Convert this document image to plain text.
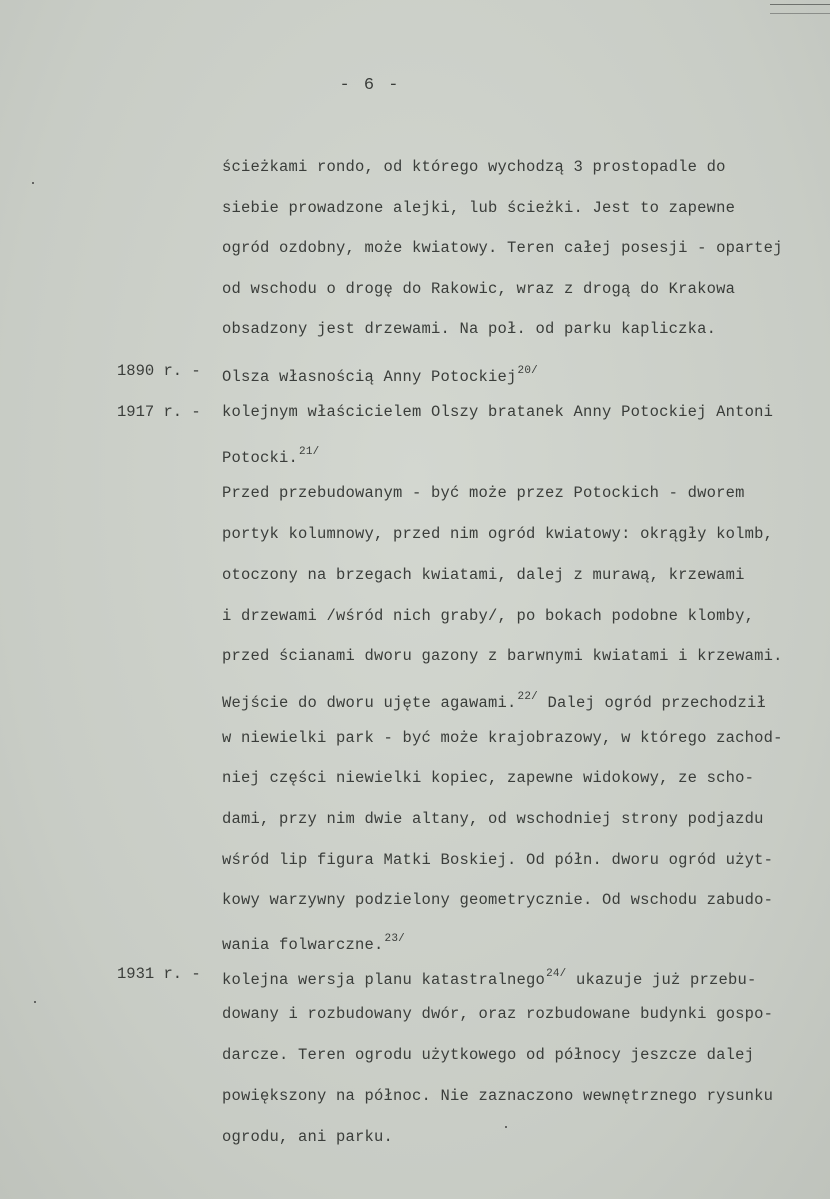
- 6 -
ścieżkami rondo, od którego wychodzą 3 prostopadle do
siebie prowadzone alejki, lub ścieżki. Jest to zapewne
ogród ozdobny, może kwiatowy. Teren całej posesji - opartej
od wschodu o drogę do Rakowic, wraz z drogą do Krakowa
obsadzony jest drzewami. Na poł. od parku kapliczka.
1890 r. - Olsza własnością Anny Potockiej$^{20/}$
1917 r. - kolejnym właścicielem Olszy bratanek Anny Potockiej Antoni
Potocki.$^{21/}$
Przed przebudowanym - być może przez Potockich - dworem
portyk kolumnowy, przed nim ogród kwiatowy: okrągły kolmb,
otoczony na brzegach kwiatami, dalej z murawą, krzewami
i drzewami /wśród nich graby/, po bokach podobne klomby,
przed ścianami dworu gazony z barwnymi kwiatami i krzewami.
Wejście do dworu ujęte agawami.$^{22/}$ Dalej ogród przechodził
w niewielki park - być może krajobrazowy, w którego zachod-
niej części niewielki kopiec, zapewne widokowy, ze scho-
dami, przy nim dwie altany, od wschodniej strony podjazdu
wśród lip figura Matki Boskiej. Od półn. dworu ogród użyt-
kowy warzywny podzielony geometrycznie. Od wschodu zabudo-
wania folwarczne.$^{23/}$
1931 r. - kolejna wersja planu katastralnego$^{24/}$ ukazuje już przebu-
dowany i rozbudowany dwór, oraz rozbudowane budynki gospo-
darcze. Teren ogrodu użytkowego od północy jeszcze dalej
powiększony na północ. Nie zaznaczono wewnętrznego rysunku
ogrodu, ani parku.
